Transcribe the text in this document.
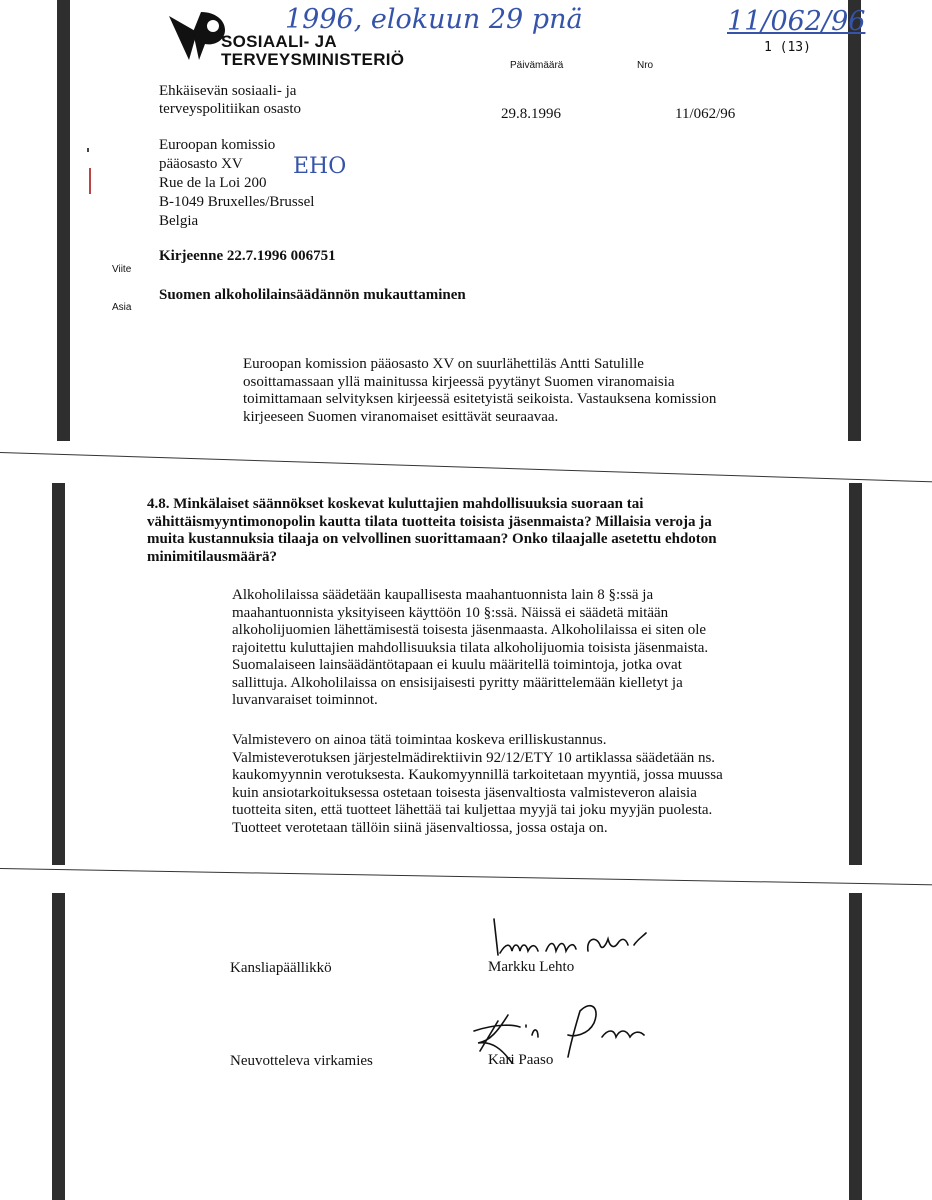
SOSIAALI- JA
TERVEYSMINISTERIÖ
1996, elokuun 29 pnä	11/062/96
1 (13)
Päivämäärä	Nro
Ehkäisevän sosiaali- ja
terveyspolitiikan osasto	29.8.1996	11/062/96
Euroopan komissio
pääosasto XV
Rue de la Loi 200
B-1049 Bruxelles/Brussel
Belgia
EHO
Viite
Kirjeenne 22.7.1996 006751
Asia
Suomen alkoholilainsäädännön mukauttaminen
Euroopan komission pääosasto XV on suurlähettiläs Antti Satulille
osoittamassaan yllä mainitussa kirjeessä pyytänyt Suomen viranomaisia
toimittamaan selvityksen kirjeessä esitetyistä seikoista. Vastauksena komission
kirjeeseen Suomen viranomaiset esittävät seuraavaa.
4.8. Minkälaiset säännökset koskevat kuluttajien mahdollisuuksia suoraan tai
vähittäismyyntimonopolin kautta tilata tuotteita toisista jäsenmaista? Millaisia veroja ja
muita kustannuksia tilaaja on velvollinen suorittamaan? Onko tilaajalle asetettu ehdoton
minimitilausmäärä?
Alkoholilaissa säädetään kaupallisesta maahantuonnista lain 8 §:ssä ja
maahantuonnista yksityiseen käyttöön 10 §:ssä. Näissä ei säädetä mitään
alkoholijuomien lähettämisestä toisesta jäsenmaasta. Alkoholilaissa ei siten ole
rajoitettu kuluttajien mahdollisuuksia tilata alkoholijuomia toisista jäsenmaista.
Suomalaiseen lainsäädäntötapaan ei kuulu määritellä toimintoja, jotka ovat
sallittuja. Alkoholilaissa on ensisijaisesti pyritty määrittelemään kielletyt ja
luvanvaraiset toiminnot.
Valmistevero on ainoa tätä toimintaa koskeva erilliskustannus.
Valmisteverotuksen järjestelmädirektiivin 92/12/ETY 10 artiklassa säädetään ns.
kaukomyynnin verotuksesta. Kaukomyynnillä tarkoitetaan myyntiä, jossa muussa
kuin ansiotarkoituksessa ostetaan toisesta jäsenvaltiosta valmisteveron alaisia
tuotteita siten, että tuotteet lähettää tai kuljettaa myyjä tai joku myyjän puolesta.
Tuotteet verotetaan tällöin siinä jäsenvaltiossa, jossa ostaja on.
Kansliapäällikkö	Markku Lehto
Neuvotteleva virkamies	Kari Paaso
